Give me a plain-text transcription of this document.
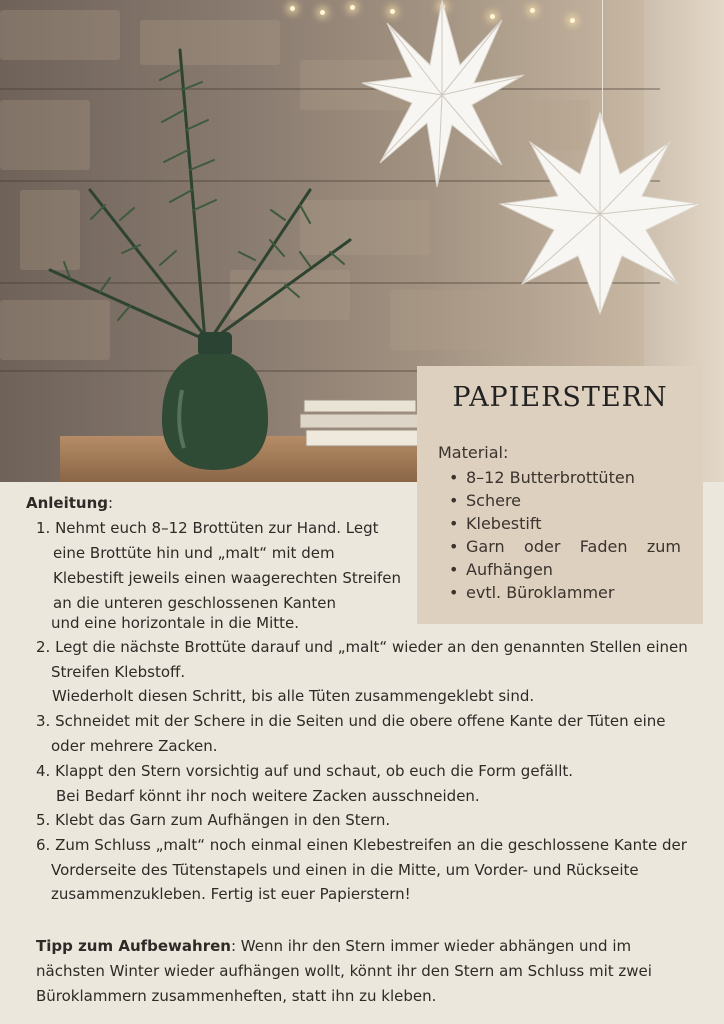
PAPIERSTERN
Material:
• 8–12 Butterbrottüten
• Schere
• Klebestift
• Garn oder Faden zum
• Aufhängen
• evtl. Büroklammer
Anleitung:
1. Nehmt euch 8–12 Brottüten zur Hand. Legt
eine Brottüte hin und „malt“ mit dem
Klebestift jeweils einen waagerechten Streifen
an die unteren geschlossenen Kanten
und eine horizontale in die Mitte.
2. Legt die nächste Brottüte darauf und „malt“ wieder an den genannten Stellen einen
Streifen Klebstoff.
Wiederholt diesen Schritt, bis alle Tüten zusammengeklebt sind.
3. Schneidet mit der Schere in die Seiten und die obere offene Kante der Tüten eine
oder mehrere Zacken.
4. Klappt den Stern vorsichtig auf und schaut, ob euch die Form gefällt.
Bei Bedarf könnt ihr noch weitere Zacken ausschneiden.
5. Klebt das Garn zum Aufhängen in den Stern.
6. Zum Schluss „malt“ noch einmal einen Klebestreifen an die geschlossene Kante der
Vorderseite des Tütenstapels und einen in die Mitte, um Vorder- und Rückseite
zusammenzukleben. Fertig ist euer Papierstern!
Tipp zum Aufbewahren: Wenn ihr den Stern immer wieder abhängen und im nächsten Winter wieder aufhängen wollt, könnt ihr den Stern am Schluss mit zwei Büroklammern zusammenheften, statt ihn zu kleben.
